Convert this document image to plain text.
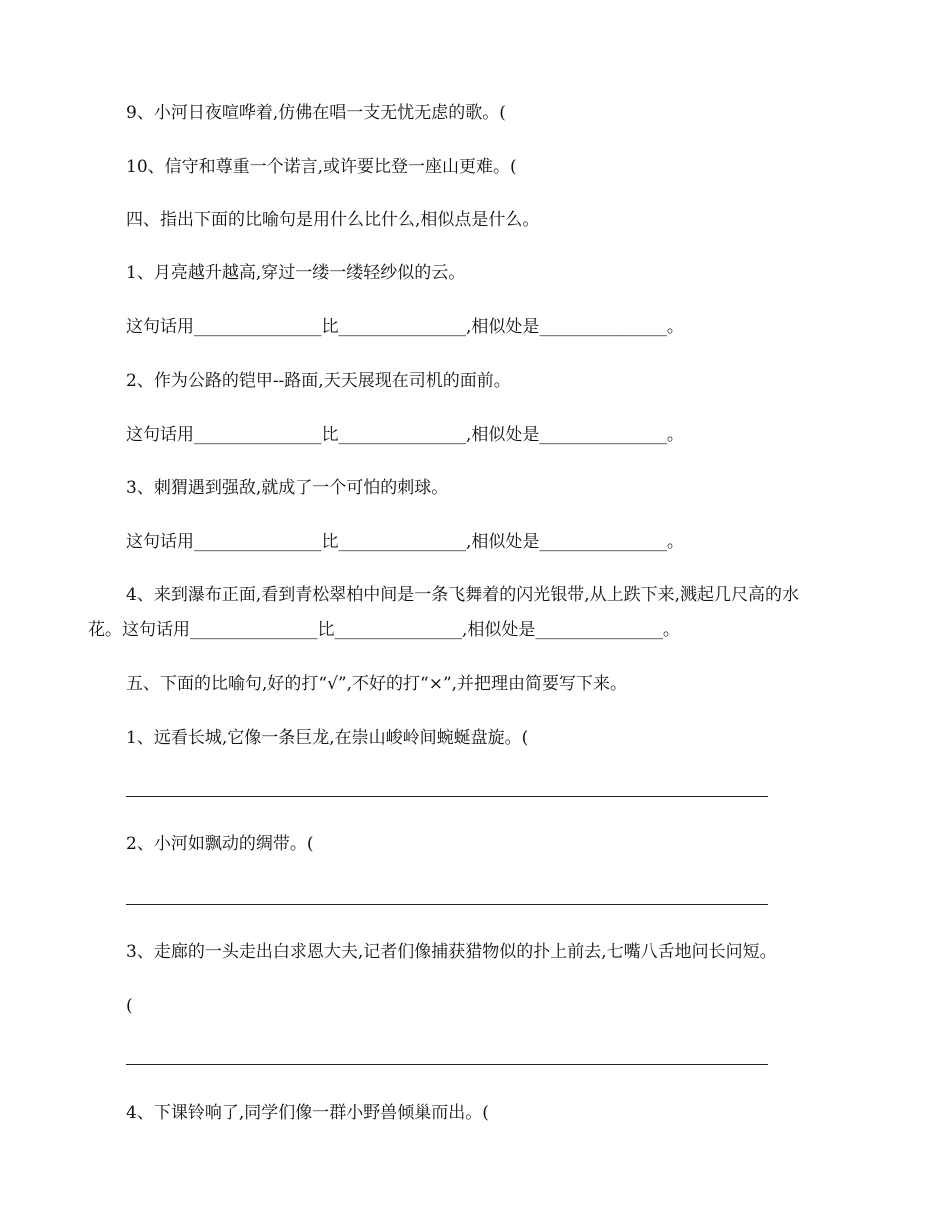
9、小河日夜喧哗着,仿佛在唱一支无忧无虑的歌。(
10、信守和尊重一个诺言,或许要比登一座山更难。(
四、指出下面的比喻句是用什么比什么,相似点是什么。
1、月亮越升越高,穿过一缕一缕轻纱似的云。
这句话用_______________比_______________,相似处是_______________。
2、作为公路的铠甲--路面,天天展现在司机的面前。
这句话用_______________比_______________,相似处是_______________。
3、刺猬遇到强敌,就成了一个可怕的刺球。
这句话用_______________比_______________,相似处是_______________。
4、来到瀑布正面,看到青松翠柏中间是一条飞舞着的闪光银带,从上跌下来,溅起几尺高的水
花。这句话用_______________比_______________,相似处是_______________。
五、下面的比喻句,好的打“√”,不好的打“×”,并把理由简要写下来。
1、远看长城,它像一条巨龙,在崇山峻岭间蜿蜒盘旋。(
2、小河如飘动的绸带。(
3、走廊的一头走出白求恩大夫,记者们像捕获猎物似的扑上前去,七嘴八舌地问长问短。
(
4、下课铃响了,同学们像一群小野兽倾巢而出。(
